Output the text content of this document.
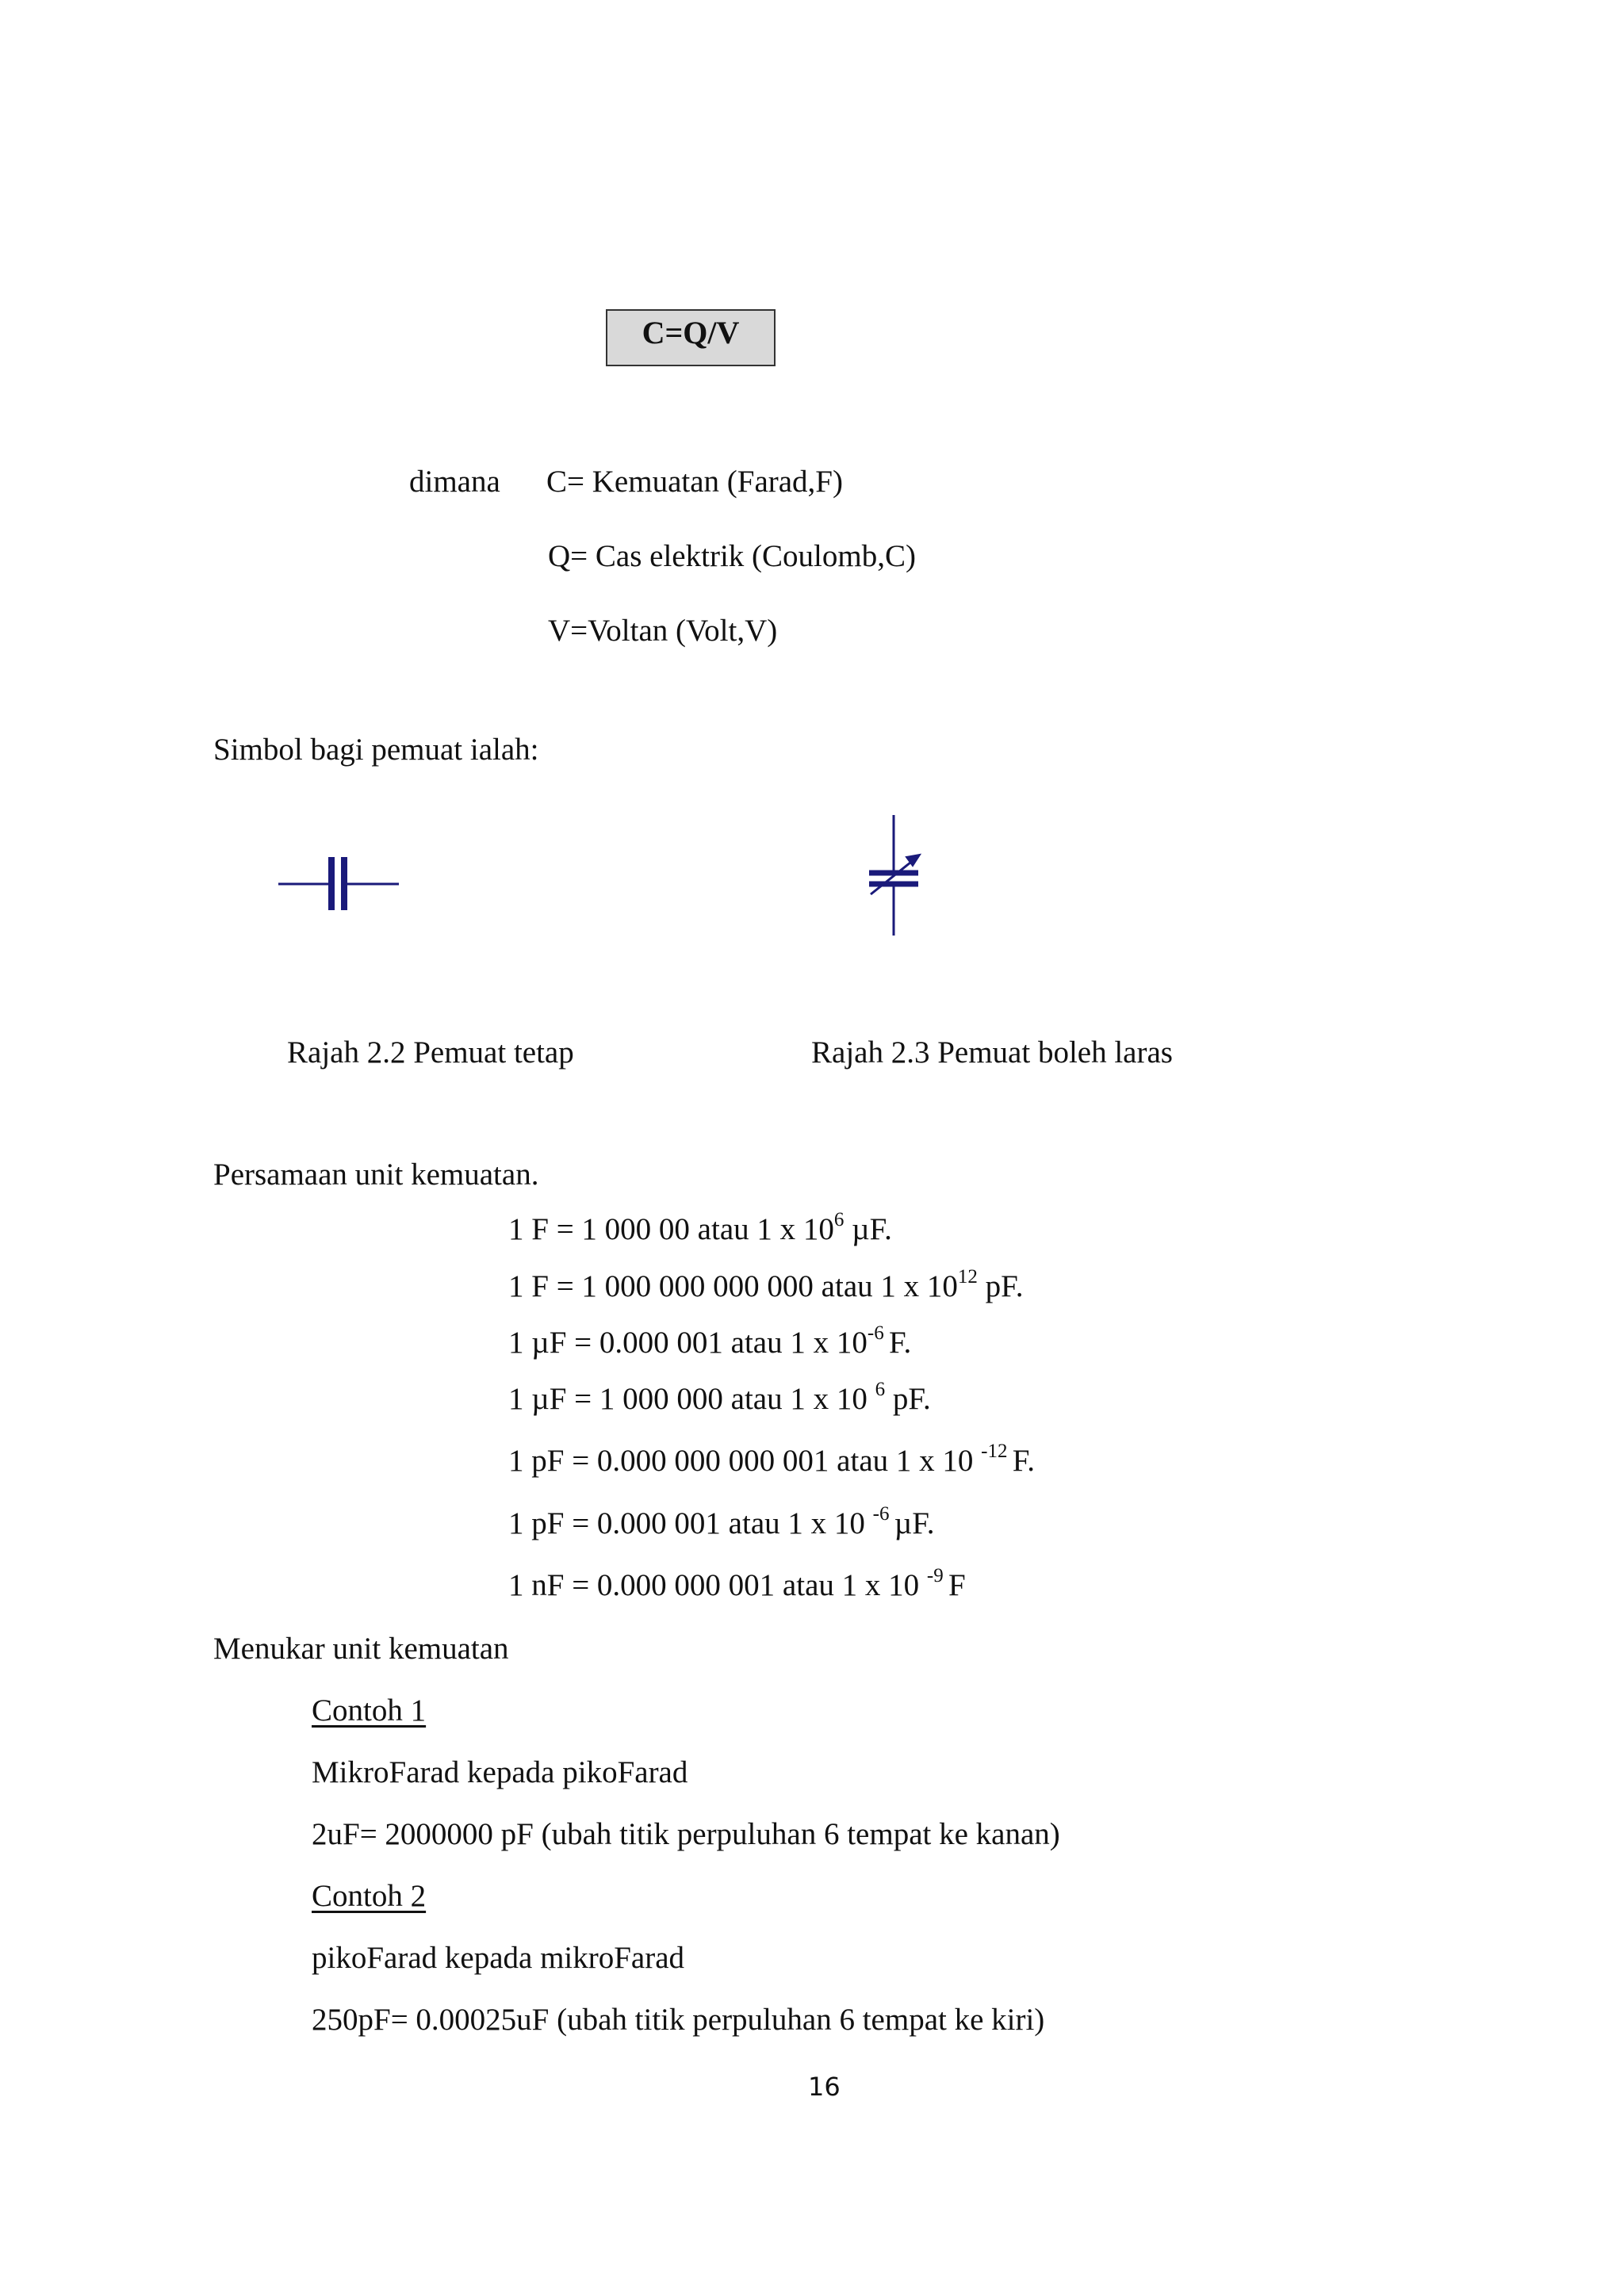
C=Q/V
dimana C= Kemuatan (Farad,F)
Q= Cas elektrik (Coulomb,C)
V=Voltan (Volt,V)
Simbol bagi pemuat ialah:
Rajah 2.2 Pemuat tetap	Rajah 2.3 Pemuat boleh laras
Persamaan unit kemuatan.
1 F = 1 000 00 atau 1 x $10^6$ µF.
1 F = 1 000 000 000 000 atau 1 x $10^{12}$ pF.
1 µF = 0.000 001 atau 1 x $10^{-6}$ F.
1 µF = 1 000 000 atau 1 x 10 $^6$ pF.
1 pF = 0.000 000 000 001 atau 1 x 10 $^{-12}$ F.
1 pF = 0.000 001 atau 1 x 10 $^{-6}$ µF.
1 nF = 0.000 000 001 atau 1 x 10 $^{-9}$ F
Menukar unit kemuatan
Contoh 1
MikroFarad kepada pikoFarad
2uF= 2000000 pF (ubah titik perpuluhan 6 tempat ke kanan)
Contoh 2
pikoFarad kepada mikroFarad
250pF= 0.00025uF (ubah titik perpuluhan 6 tempat ke kiri)
16
